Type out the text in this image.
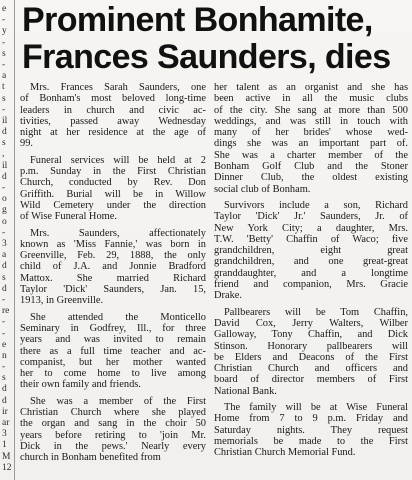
e
-
y
-
s
-
a
t
s
-
il
d
s
,
il
d
-
o
g
o
-
3
a
d
s
d
-
re
-
-
e
n
-
s
d
d
ir
ar
3
1
M
12
Prominent Bonhamite,
Frances Saunders, dies
Mrs. Frances Sarah Saunders, one
of Bonham's most beloved long-time
leaders in church and civic ac-
tivities, passed away Wednesday
night at her residence at the age of
99.
Funeral services will be held at 2
p.m. Sunday in the First Christian
Church, conducted by Rev. Don
Griffith. Burial will be in Willow
Wild Cemetery under the direction
of Wise Funeral Home.
Mrs. Saunders, affectionately
known as 'Miss Fannie,' was born in
Greenville, Feb. 29, 1888, the only
child of J.A. and Jonnie Bradford
Mattox. She married Richard
Taylor 'Dick' Saunders, Jan. 15,
1913, in Greenville.
She attended the Monticello
Seminary in Godfrey, Ill., for three
years and was invited to remain
there as a full time teacher and ac-
companist, but her mother wanted
her to come home to live among
their own family and friends.
She was a member of the First
Christian Church where she played
the organ and sang in the choir 50
years before retiring to 'join Mr.
Dick in the pews.' Nearly every
church in Bonham benefited from
her talent as an organist and she has
been active in all the music clubs
of the city. She sang at more than 500
weddings, and was still in touch with
many of her brides' whose wed-
dings she was an important part of.
She was a charter member of the
Bonham Golf Club and the Stoner
Dinner Club, the oldest existing
social club of Bonham.
Survivors include a son, Richard
Taylor 'Dick' Jr.' Saunders, Jr. of
New York City; a daughter, Mrs.
T.W. 'Betty' Chaffin of Waco; five
grandchildren, eight great
grandchildren, and one great-great
granddaughter, and a longtime
friend and companion, Mrs. Gracie
Drake.
Pallbearers will be Tom Chaffin,
David Cox, Jerry Walters, Wilber
Galloway, Tony Chaffin, and Dick
Stinson. Honorary pallbearers will
be Elders and Deacons of the First
Christian Church and officers and
board of director members of First
National Bank.
The family will be at Wise Funeral
Home from 7 to 9 p.m. Friday and
Saturday nights. They request
memorials be made to the First
Christian Church Memorial Fund.
